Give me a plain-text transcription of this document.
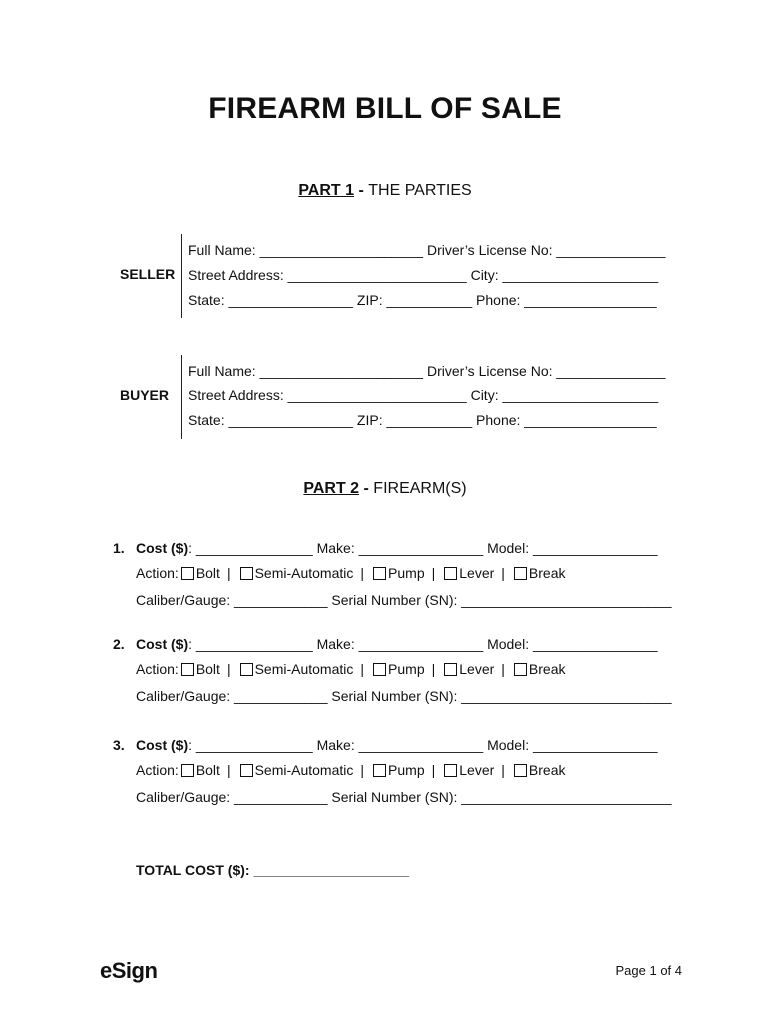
FIREARM BILL OF SALE
PART 1 - THE PARTIES
SELLER
Full Name: _____________________ Driver’s License No: ______________
Street Address: _______________________ City: ____________________
State: ________________ ZIP: ___________ Phone: _________________
BUYER
Full Name: _____________________ Driver’s License No: ______________
Street Address: _______________________ City: ____________________
State: ________________ ZIP: ___________ Phone: _________________
PART 2 - FIREARM(S)
1. Cost ($): _______________ Make: ________________ Model: ________________
Action: Bolt | Semi-Automatic | Pump | Lever | Break
Caliber/Gauge: ____________ Serial Number (SN): ___________________________
2. Cost ($): _______________ Make: ________________ Model: ________________
Action: Bolt | Semi-Automatic | Pump | Lever | Break
Caliber/Gauge: ____________ Serial Number (SN): ___________________________
3. Cost ($): _______________ Make: ________________ Model: ________________
Action: Bolt | Semi-Automatic | Pump | Lever | Break
Caliber/Gauge: ____________ Serial Number (SN): ___________________________
TOTAL COST ($): ____________________
eSign	Page 1 of 4
